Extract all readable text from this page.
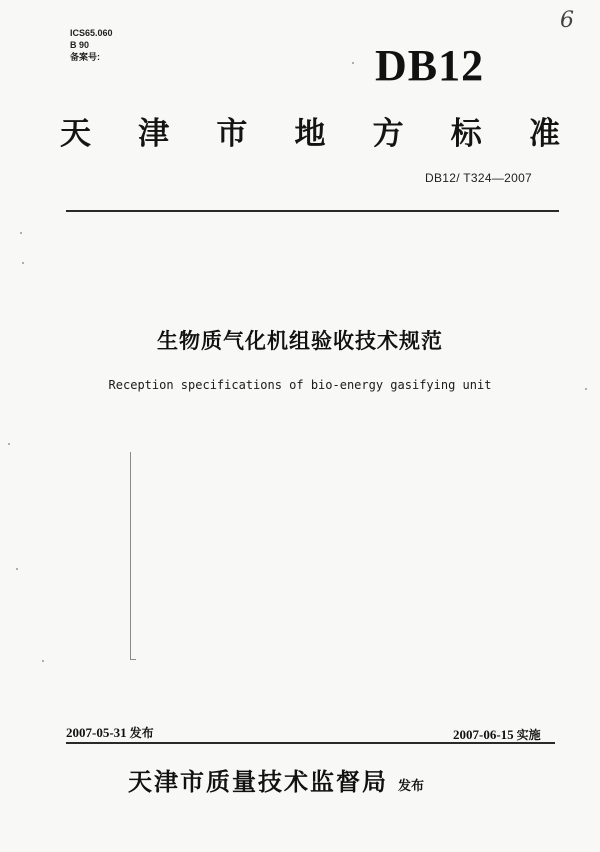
ICS65.060
B 90
备案号:
6
DB12
天 津 市 地 方 标 准
DB12/ T324—2007
生物质气化机组验收技术规范
Reception specifications of bio-energy gasifying unit
2007-05-31 发布	2007-06-15 实施
天津市质量技术监督局 发布
